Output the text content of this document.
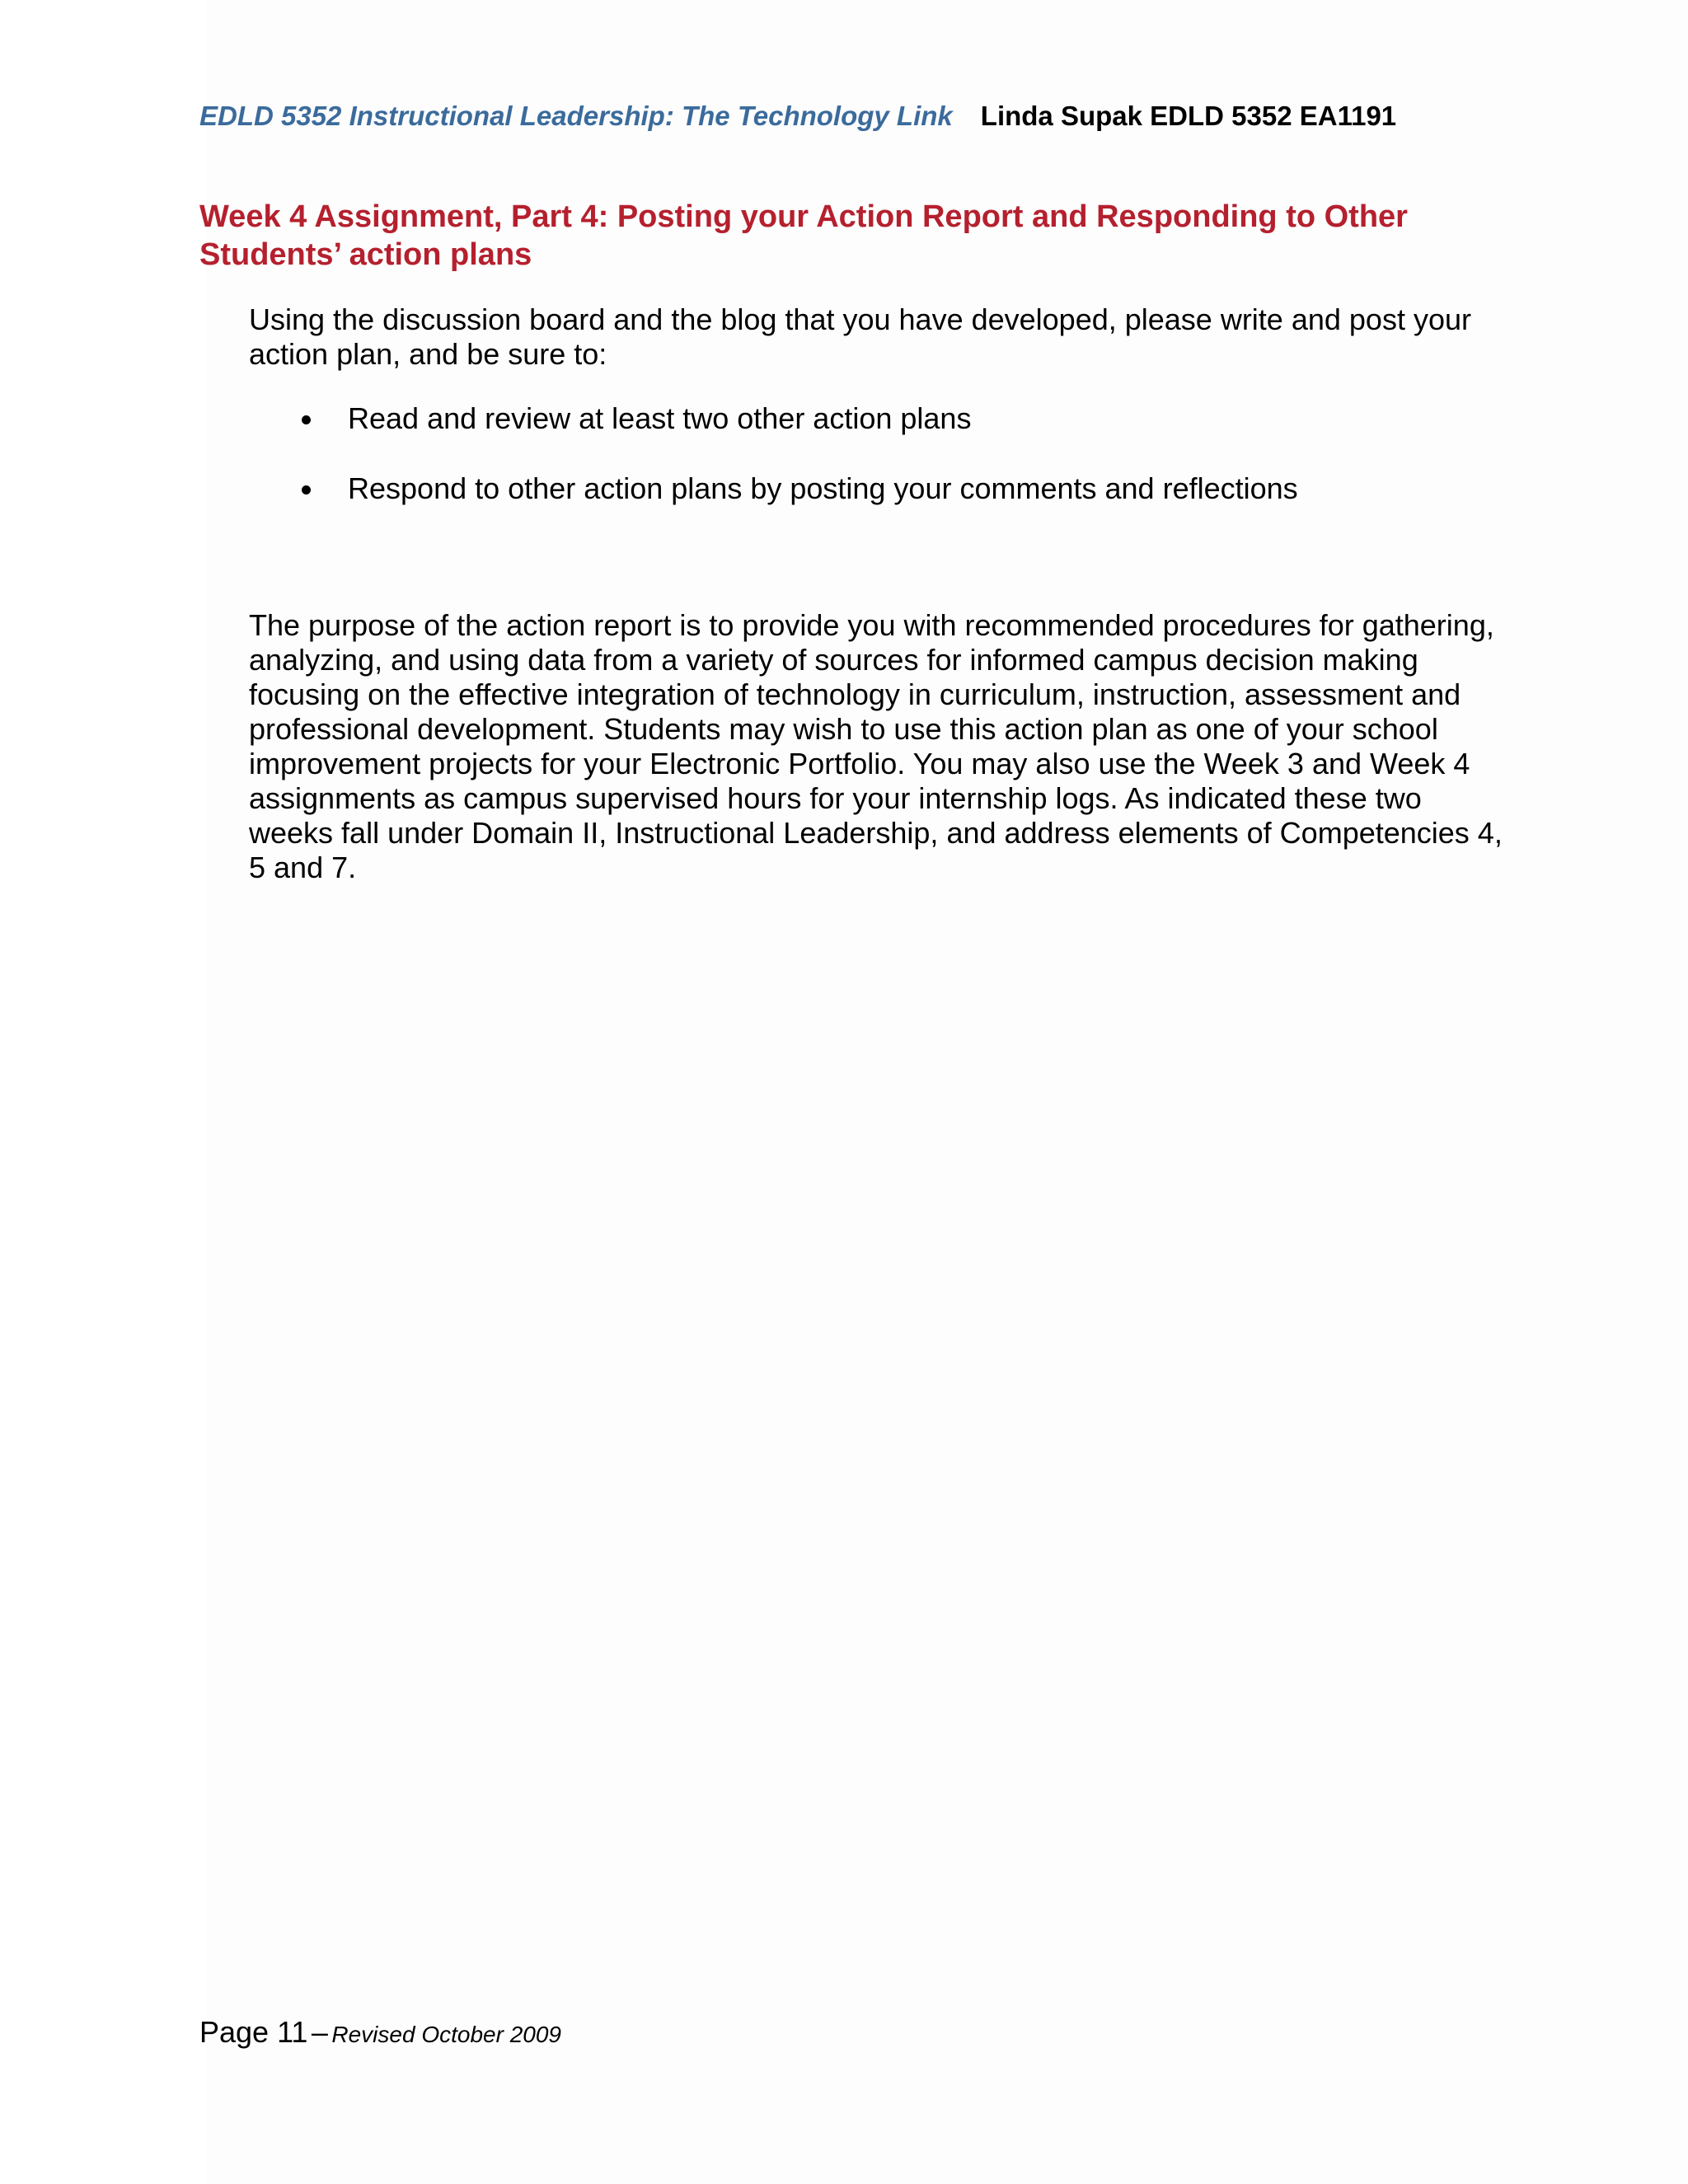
EDLD 5352 Instructional Leadership: The Technology Link Linda Supak EDLD 5352 EA1191
Week 4 Assignment, Part 4: Posting your Action Report and Responding to Other Students’ action plans

Using the discussion board and the blog that you have developed, please write and post your action plan, and be sure to:

Read and review at least two other action plans
Respond to other action plans by posting your comments and reflections

The purpose of the action report is to provide you with recommended procedures for gathering, analyzing, and using data from a variety of sources for informed campus decision making focusing on the effective integration of technology in curriculum, instruction, assessment and professional development. Students may wish to use this action plan as one of your school improvement projects for your Electronic Portfolio. You may also use the Week 3 and Week 4 assignments as campus supervised hours for your internship logs. As indicated these two weeks fall under Domain II, Instructional Leadership, and address elements of Competencies 4, 5 and 7.

Page 11 – Revised October 2009
